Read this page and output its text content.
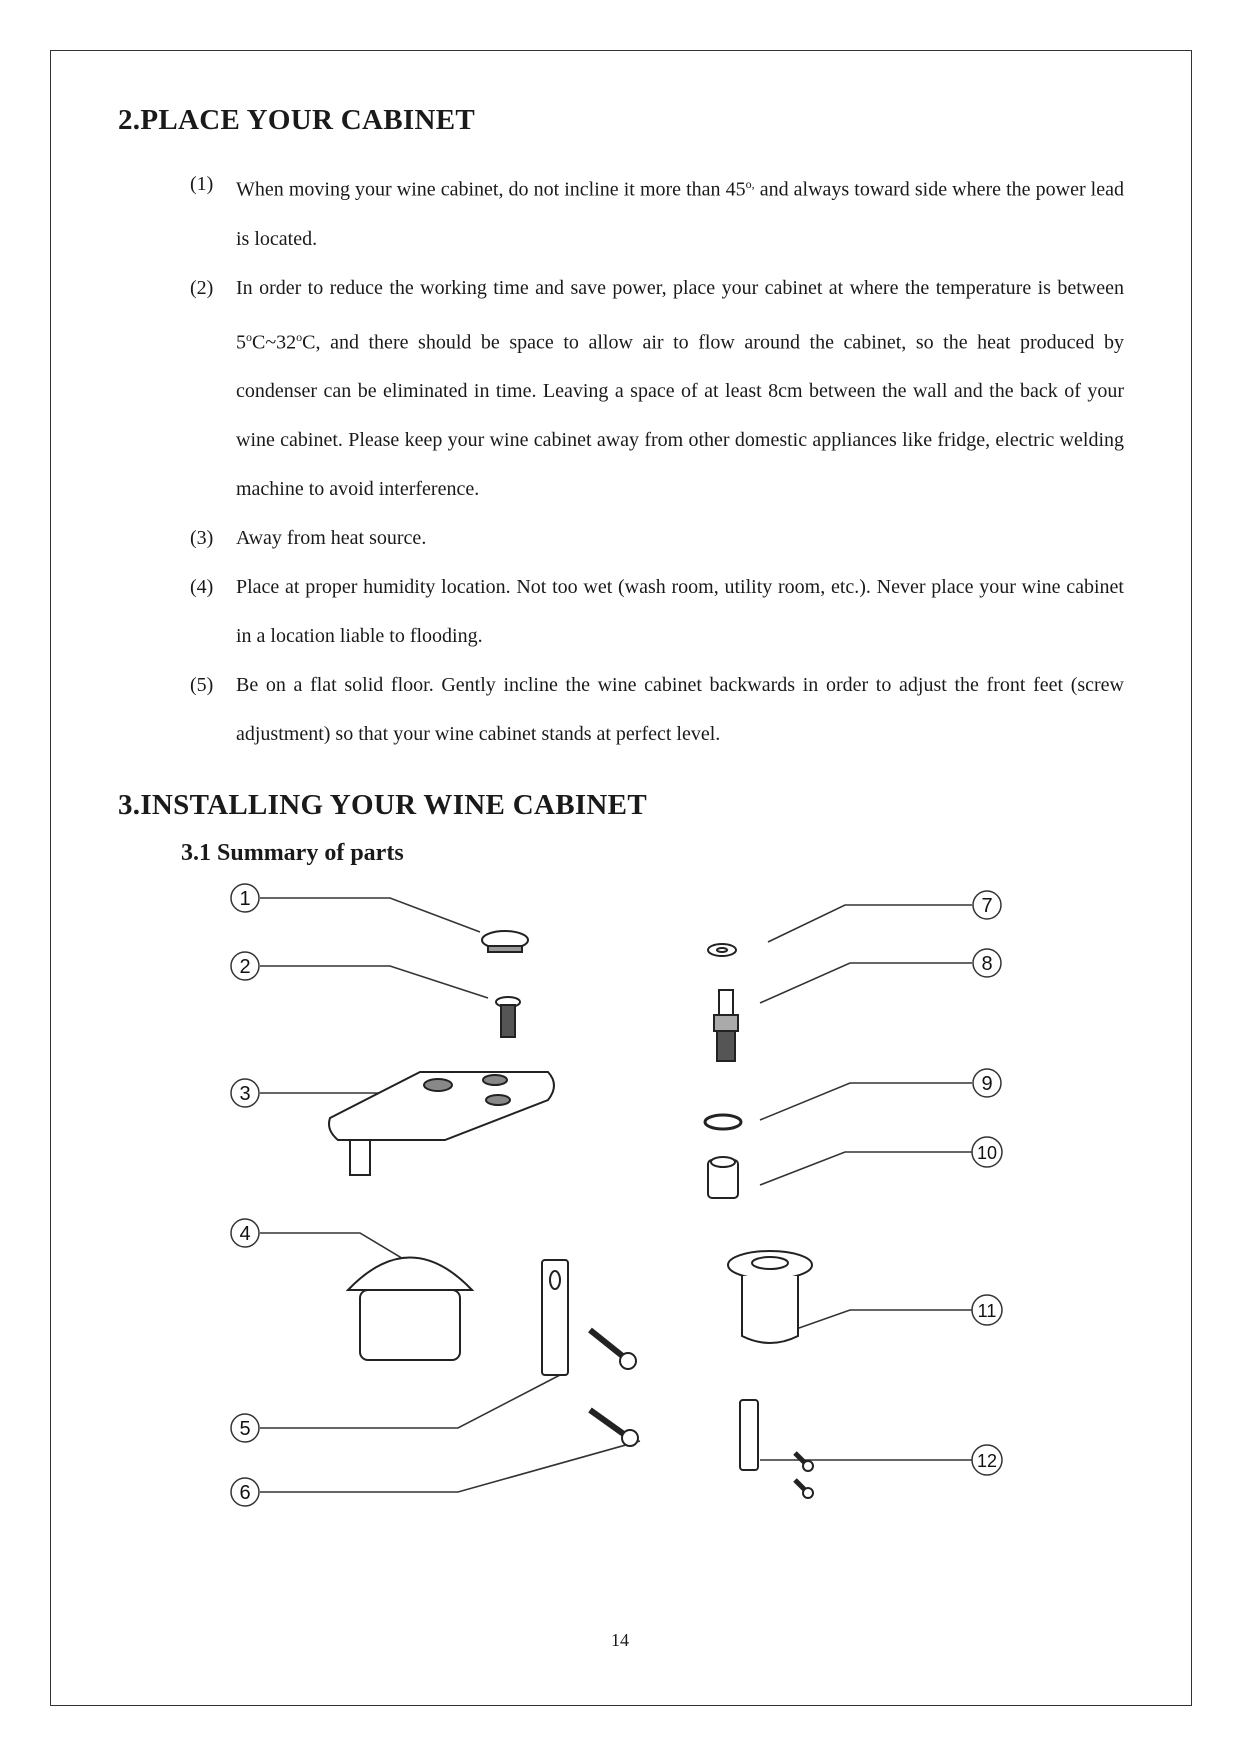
2.PLACE YOUR CABINET
(1)	When moving your wine cabinet, do not incline it more than $45^{o,}$ and always toward side where the power lead is located.
(2)	In order to reduce the working time and save power, place your cabinet at where the temperature is between 5$^o$C~32$^o$C, and there should be space to allow air to flow around the cabinet, so the heat produced by condenser can be eliminated in time. Leaving a space of at least 8cm between the wall and the back of your wine cabinet. Please keep your wine cabinet away from other domestic appliances like fridge, electric welding machine to avoid interference.
(3)	Away from heat source.
(4)	Place at proper humidity location. Not too wet (wash room, utility room, etc.). Never place your wine cabinet in a location liable to flooding.
(5)	Be on a flat solid floor. Gently incline the wine cabinet backwards in order to adjust the front feet (screw adjustment) so that your wine cabinet stands at perfect level.
3.INSTALLING YOUR WINE CABINET
3.1 Summary of parts
1
2
3
4
5
6
7
8
9
10
11
12
14
